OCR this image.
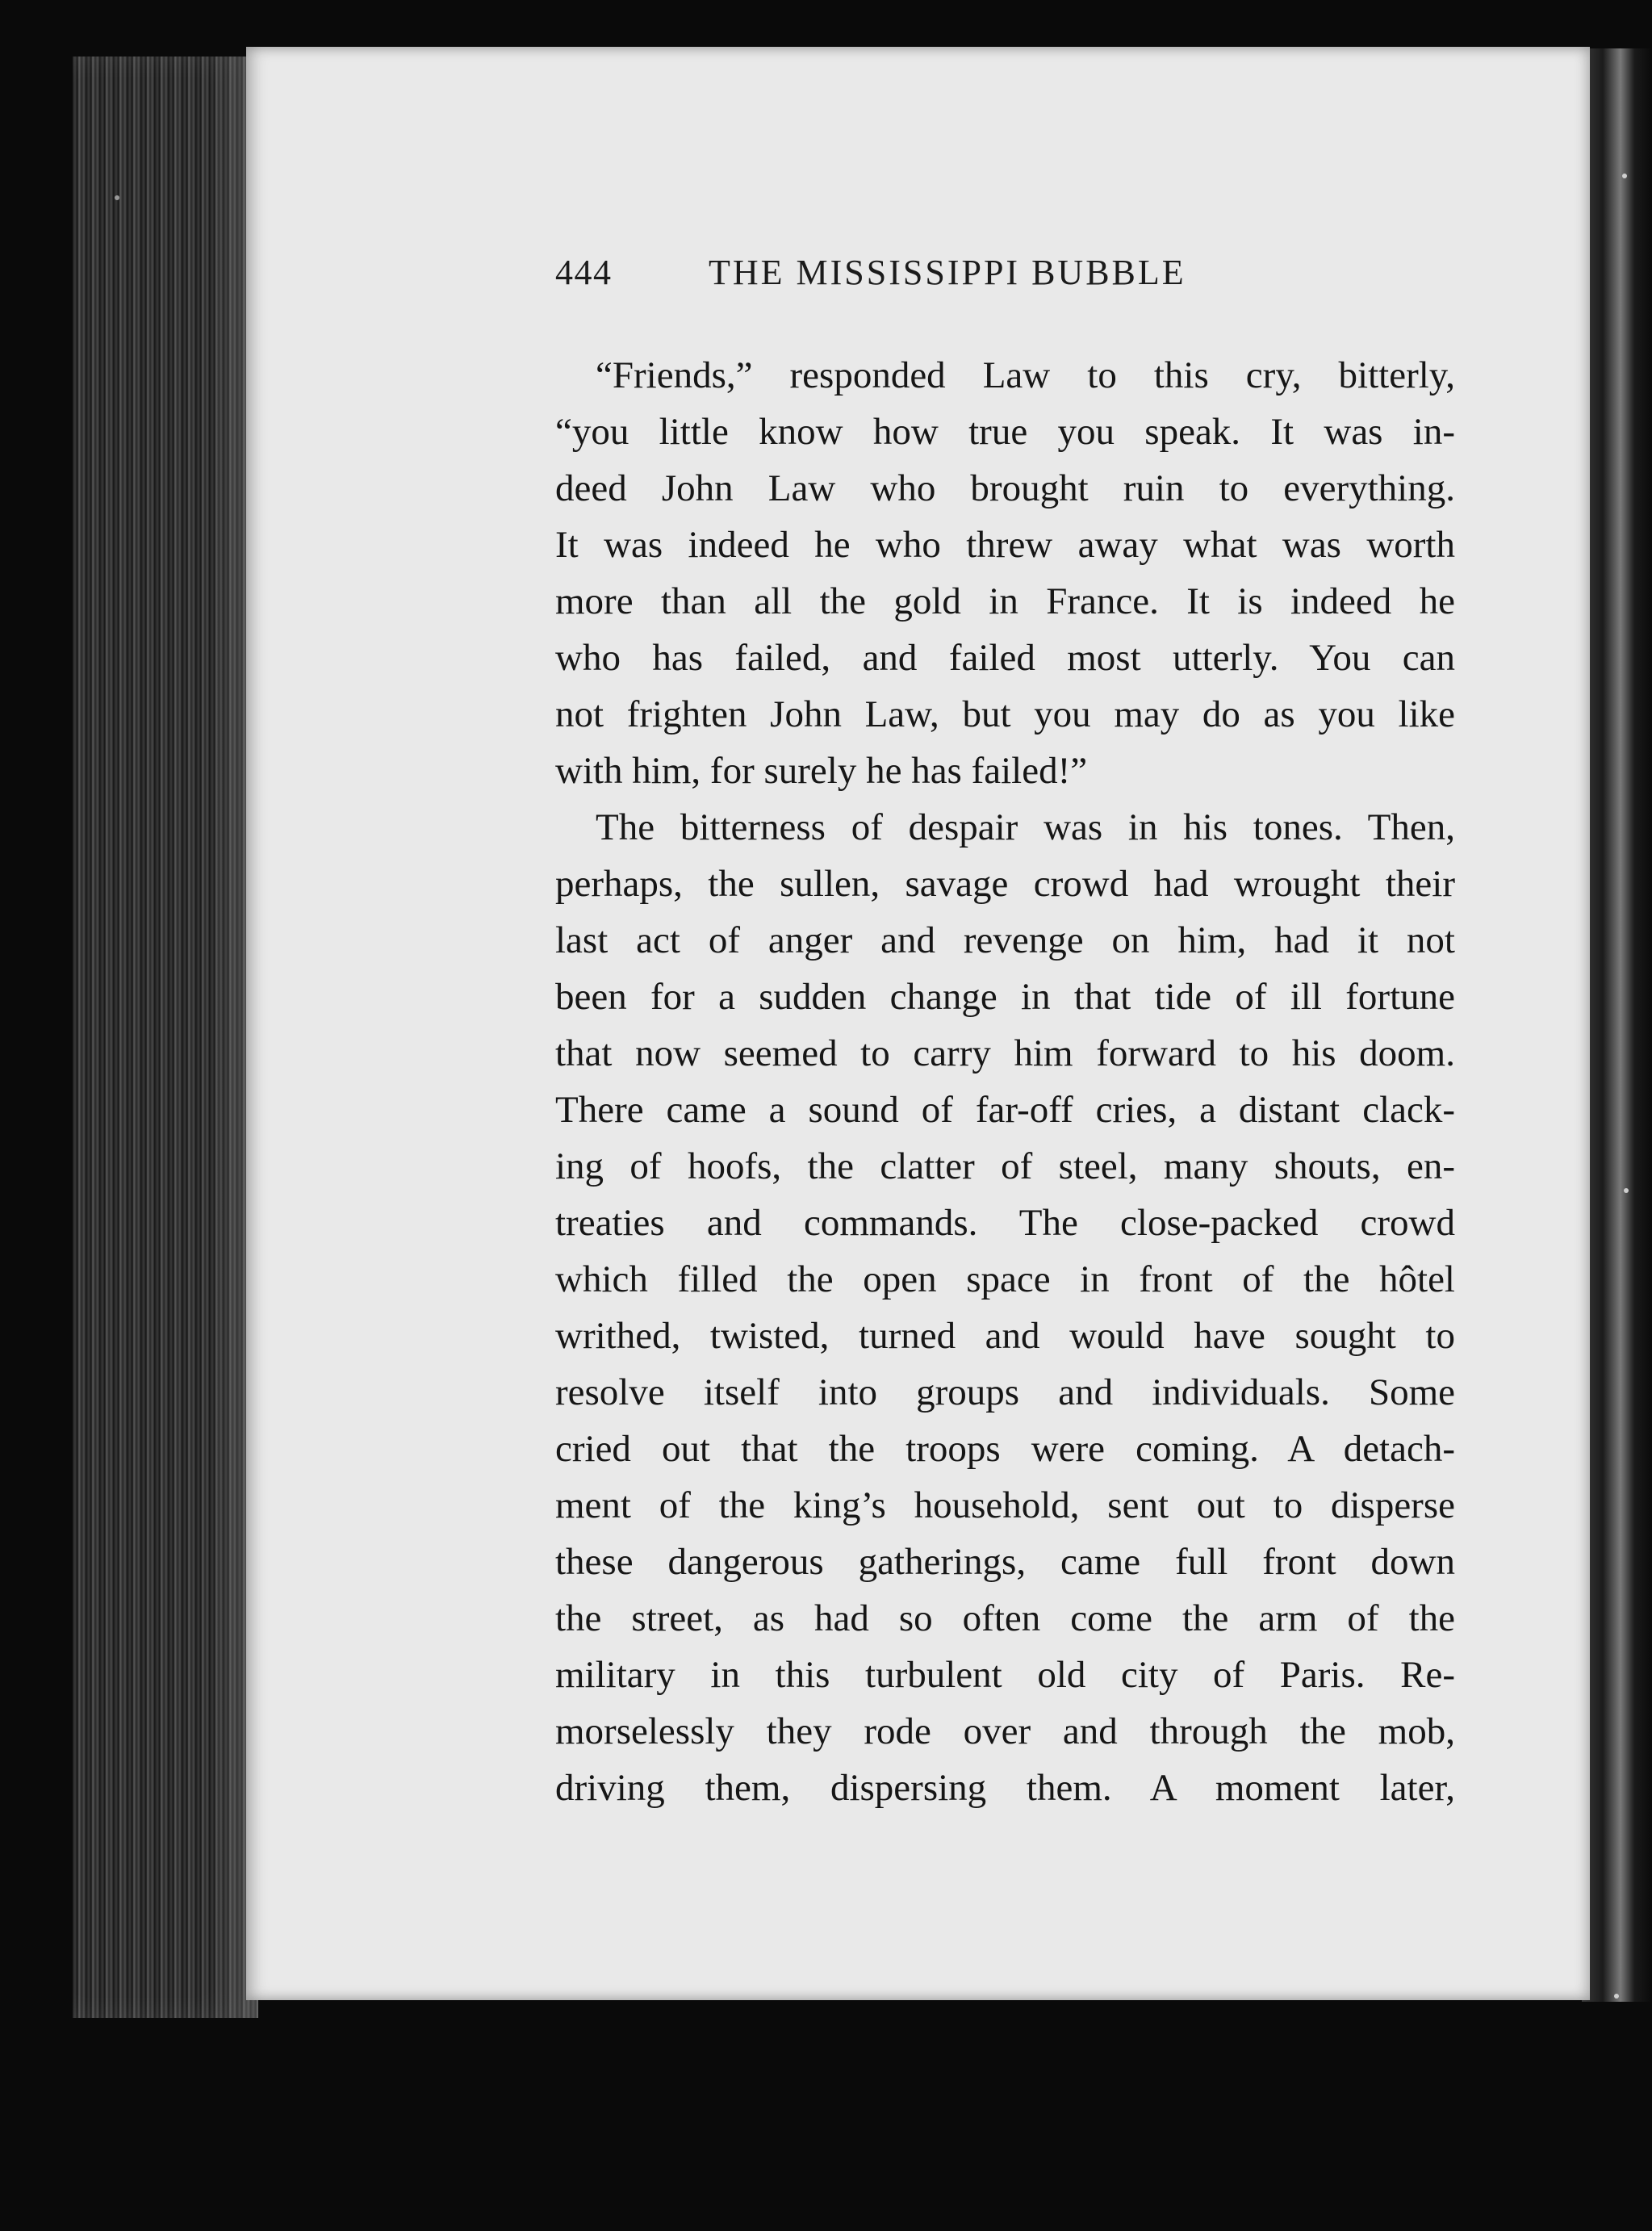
444	THE MISSISSIPPI BUBBLE
“Friends,” responded Law to this cry, bitterly,
“you little know how true you speak. It was in-
deed John Law who brought ruin to everything.
It was indeed he who threw away what was worth
more than all the gold in France. It is indeed he
who has failed, and failed most utterly. You can
not frighten John Law, but you may do as you like
with him, for surely he has failed!”
The bitterness of despair was in his tones. Then,
perhaps, the sullen, savage crowd had wrought their
last act of anger and revenge on him, had it not
been for a sudden change in that tide of ill fortune
that now seemed to carry him forward to his doom.
There came a sound of far-off cries, a distant clack-
ing of hoofs, the clatter of steel, many shouts, en-
treaties and commands. The close-packed crowd
which filled the open space in front of the hôtel
writhed, twisted, turned and would have sought to
resolve itself into groups and individuals. Some
cried out that the troops were coming. A detach-
ment of the king’s household, sent out to disperse
these dangerous gatherings, came full front down
the street, as had so often come the arm of the
military in this turbulent old city of Paris. Re-
morselessly they rode over and through the mob,
driving them, dispersing them. A moment later,
